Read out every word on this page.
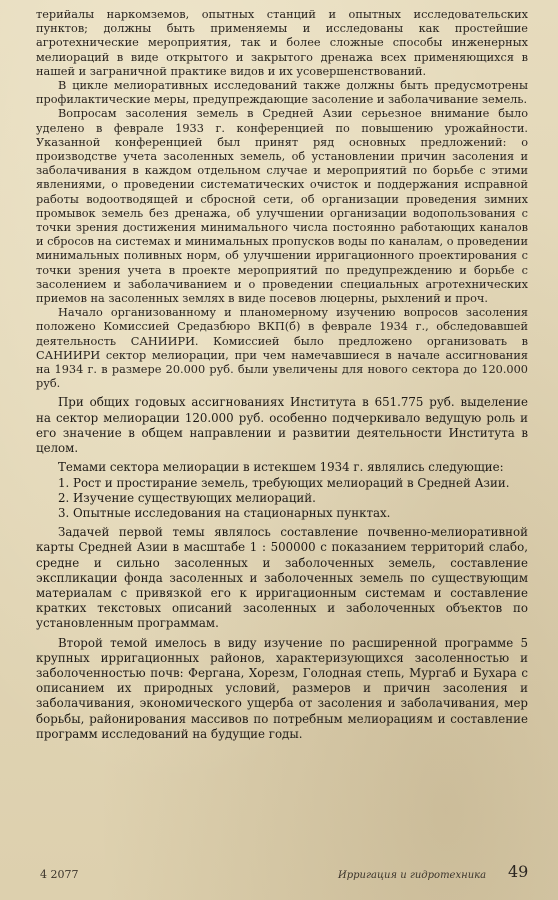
терийалы наркомземов, опытных станций и опытных исследовательских пунктов; должны быть применяемы и исследованы как простейшие агротехнические мероприятия, так и более сложные способы инженерных мелиораций в виде открытого и закрытого дренажа всех применяющихся в нашей и заграничной практике видов и их усовершенствований.

В цикле мелиоративных исследований также должны быть предусмотрены профилактические меры, предупреждающие засоление и заболачивание земель.

Вопросам засоления земель в Средней Азии серьезное внимание было уделено в феврале 1933 г. конференцией по повышению урожайности. Указанной конференцией был принят ряд основных предложений: о производстве учета засоленных земель, об установлении причин засоления и заболачивания в каждом отдельном случае и мероприятий по борьбе с этими явлениями, о проведении систематических очисток и поддержания исправной работы водоотводящей и сбросной сети, об организации проведения зимних промывок земель без дренажа, об улучшении организации водопользования с точки зрения достижения минимального числа постоянно работающих каналов и сбросов на системах и минимальных пропусков воды по каналам, о проведении минимальных поливных норм, об улучшении ирригационного проектирования с точки зрения учета в проекте мероприятий по предупреждению и борьбе с засолением и заболачиванием и о проведении специальных агротехнических приемов на засоленных землях в виде посевов люцерны, рыхлений и проч.

Начало организованному и планомерному изучению вопросов засоления положено Комиссией Средазбюро ВКП(б) в феврале 1934 г., обследовавшей деятельность САНИИРИ. Комиссией было предложено организовать в САНИИРИ сектор мелиорации, при чем намечавшиеся в начале ассигнования на 1934 г. в размере 20.000 руб. были увеличены для нового сектора до 120.000 руб.

При общих годовых ассигнованиях Института в 651.775 руб. выделение на сектор мелиорации 120.000 руб. особенно подчеркивало ведущую роль и его значение в общем направлении и развитии деятельности Института в целом.

Темами сектора мелиорации в истекшем 1934 г. являлись следующие:

1. Рост и простирание земель, требующих мелиораций в Средней Азии.

2. Изучение существующих мелиораций.

3. Опытные исследования на стационарных пунктах.

Задачей первой темы являлось составление почвенно-мелиоративной карты Средней Азии в масштабе 1 : 500000 с показанием территорий слабо, средне и сильно засоленных и заболоченных земель, составление экспликации фонда засоленных и заболоченных земель по существующим материалам с привязкой его к ирригационным системам и составление кратких текстовых описаний засоленных и заболоченных объектов по установленным программам.

Второй темой имелось в виду изучение по расширенной программе 5 крупных ирригационных районов, характеризующихся засоленностью и заболоченностью почв: Фергана, Хорезм, Голодная степь, Мургаб и Бухара с описанием их природных условий, размеров и причин засоления и заболачивания, экономического ущерба от засоления и заболачивания, мер борьбы, районирования массивов по потребным мелиорациям и составление программ исследований на будущие годы.

4 2077	Ирригация и гидротехника 49
